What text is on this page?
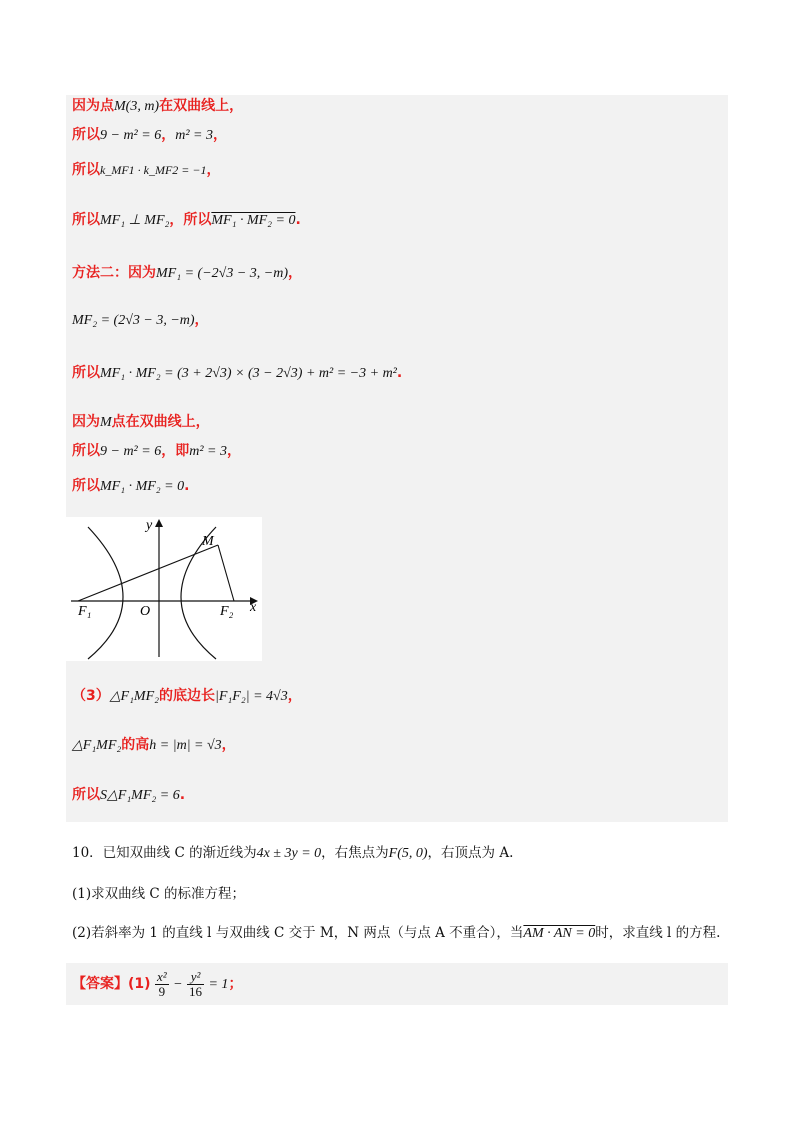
因为点M(3, m)在双曲线上，
所以9 − m² = 6，m² = 3，
所以k_MF1 · k_MF2 = −1，
所以MF₁ ⊥ MF₂，所以MF₁ · MF₂ = 0.
方法二：因为MF₁ = (−2√3 − 3, −m)，
MF₂ = (2√3 − 3, −m)，
所以MF₁ · MF₂ = (3 + 2√3) × (3 − 2√3) + m² = −3 + m².
因为M点在双曲线上，
所以9 − m² = 6，即m² = 3，
所以MF₁ · MF₂ = 0.
y
x
M
O
F₁	F₂
（3）△F₁MF₂的底边长|F₁F₂| = 4√3，
△F₁MF₂的高h = |m| = √3，
所以S△F₁MF₂ = 6.
10．已知双曲线 C 的渐近线为4x ± 3y = 0，右焦点为F(5, 0)，右顶点为 A.
(1)求双曲线 C 的标准方程；
(2)若斜率为 1 的直线 l 与双曲线 C 交于 M，N 两点（与点 A 不重合），当AM · AN = 0时，求直线 l 的方程.
【答案】$(1) \frac{\text{x²}}{9} - \frac{\text{y²}}{16} = 1$；
